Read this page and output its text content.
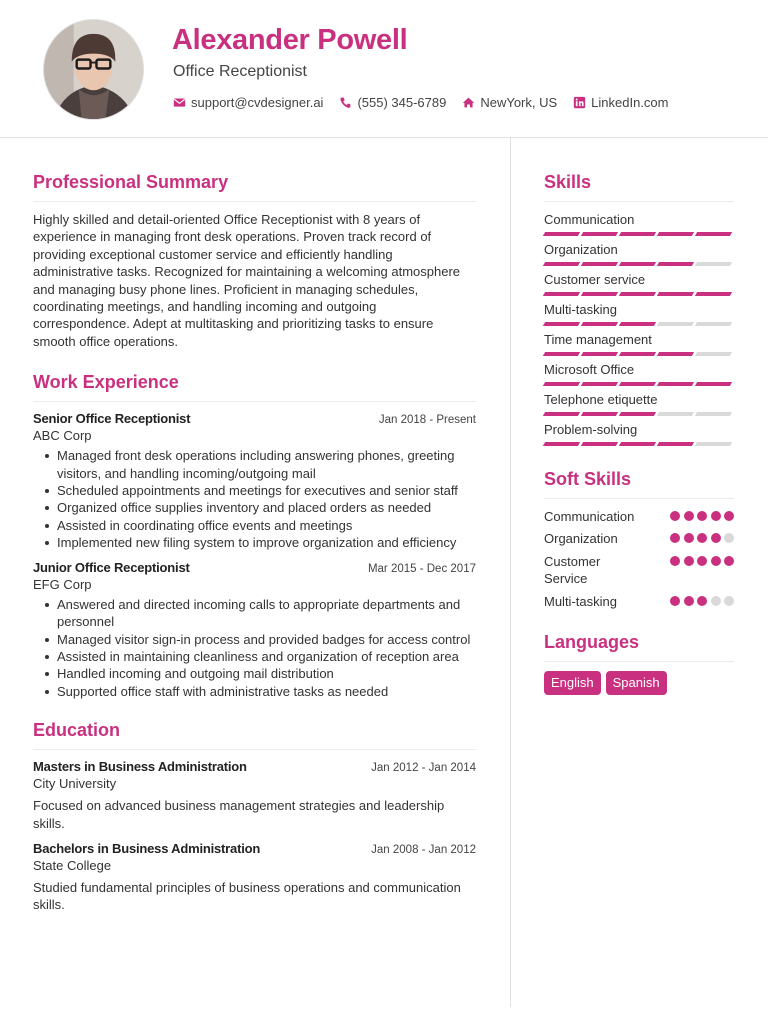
Alexander Powell
Office Receptionist
support@cvdesigner.ai	(555) 345-6789	NewYork, US	LinkedIn.com
Professional Summary
Highly skilled and detail-oriented Office Receptionist with 8 years of experience in managing front desk operations. Proven track record of providing exceptional customer service and efficiently handling administrative tasks. Recognized for maintaining a welcoming atmosphere and managing busy phone lines. Proficient in managing schedules, coordinating meetings, and handling incoming and outgoing correspondence. Adept at multitasking and prioritizing tasks to ensure smooth office operations.
Work Experience
Senior Office Receptionist	Jan 2018 - Present
ABC Corp
Managed front desk operations including answering phones, greeting visitors, and handling incoming/outgoing mail
Scheduled appointments and meetings for executives and senior staff
Organized office supplies inventory and placed orders as needed
Assisted in coordinating office events and meetings
Implemented new filing system to improve organization and efficiency
Junior Office Receptionist	Mar 2015 - Dec 2017
EFG Corp
Answered and directed incoming calls to appropriate departments and personnel
Managed visitor sign-in process and provided badges for access control
Assisted in maintaining cleanliness and organization of reception area
Handled incoming and outgoing mail distribution
Supported office staff with administrative tasks as needed
Education
Masters in Business Administration	Jan 2012 - Jan 2014
City University
Focused on advanced business management strategies and leadership skills.
Bachelors in Business Administration	Jan 2008 - Jan 2012
State College
Studied fundamental principles of business operations and communication skills.
Skills
Communication
Organization
Customer service
Multi-tasking
Time management
Microsoft Office
Telephone etiquette
Problem-solving
Soft Skills
Communication
Organization
Customer Service
Multi-tasking
Languages
English	Spanish
